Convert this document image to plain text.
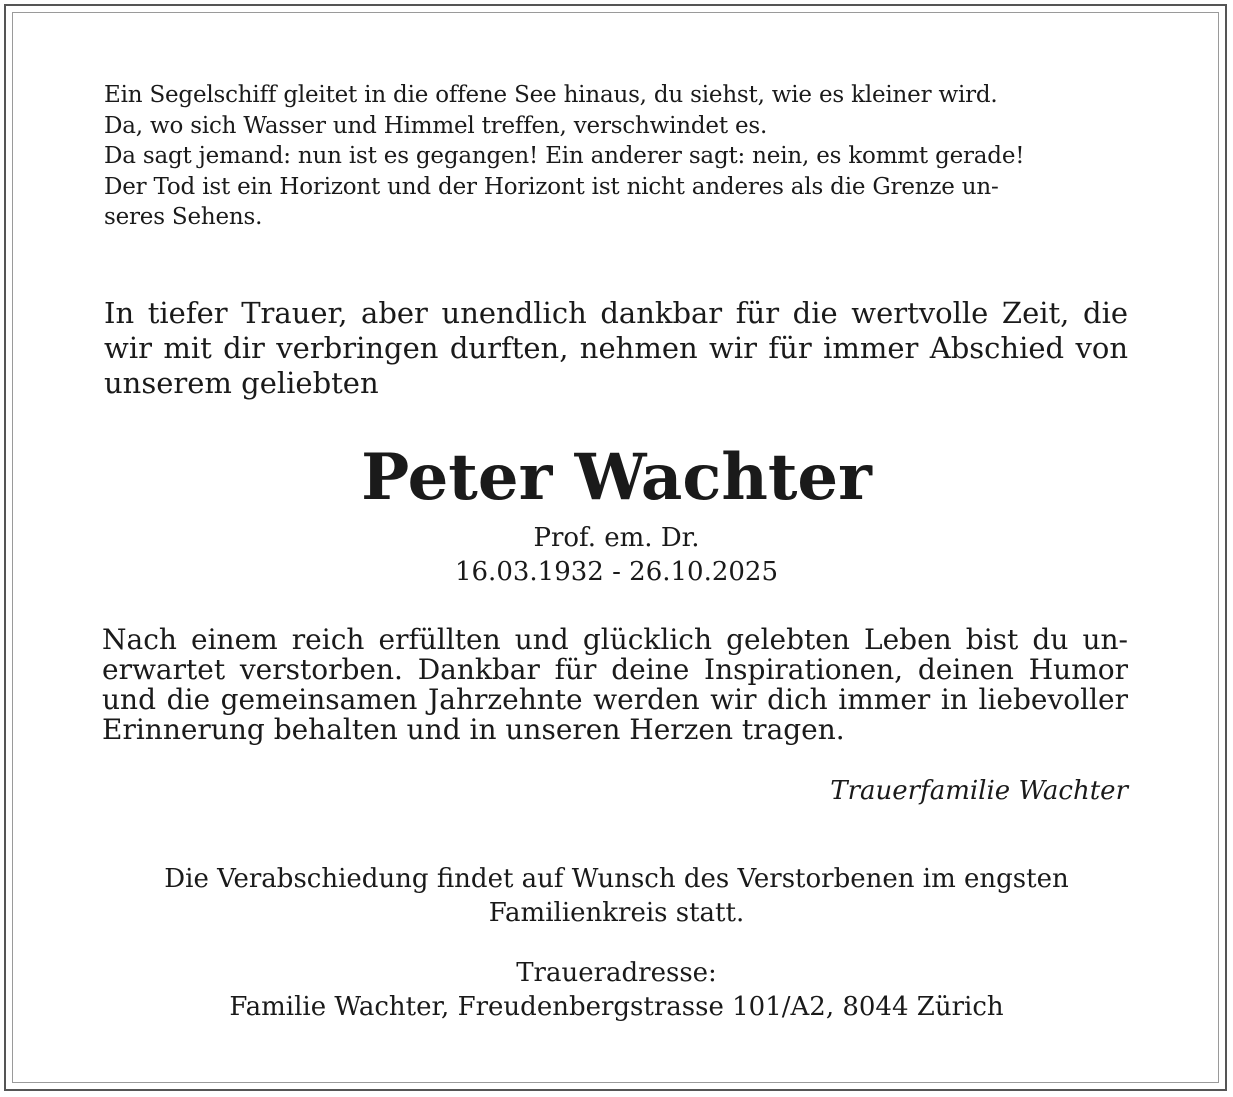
Ein Segelschiff gleitet in die offene See hinaus, du siehst, wie es kleiner wird.
Da, wo sich Wasser und Himmel treffen, verschwindet es.
Da sagt jemand: nun ist es gegangen! Ein anderer sagt: nein, es kommt gerade!
Der Tod ist ein Horizont und der Horizont ist nicht anderes als die Grenze un-
seres Sehens.
In tiefer Trauer, aber unendlich dankbar für die wertvolle Zeit, die wir mit dir verbringen durften, nehmen wir für immer Abschied von unserem geliebten
Peter Wachter
Prof. em. Dr.
16.03.1932 - 26.10.2025
Nach einem reich erfüllten und glücklich gelebten Leben bist du unerwartet verstorben. Dankbar für deine Inspirationen, deinen Humor und die gemeinsamen Jahrzehnte werden wir dich immer in liebevoller Erinnerung behalten und in unseren Herzen tragen.
Trauerfamilie Wachter
Die Verabschiedung findet auf Wunsch des Verstorbenen im engsten
Familienkreis statt.
Traueradresse:
Familie Wachter, Freudenbergstrasse 101/A2, 8044 Zürich
